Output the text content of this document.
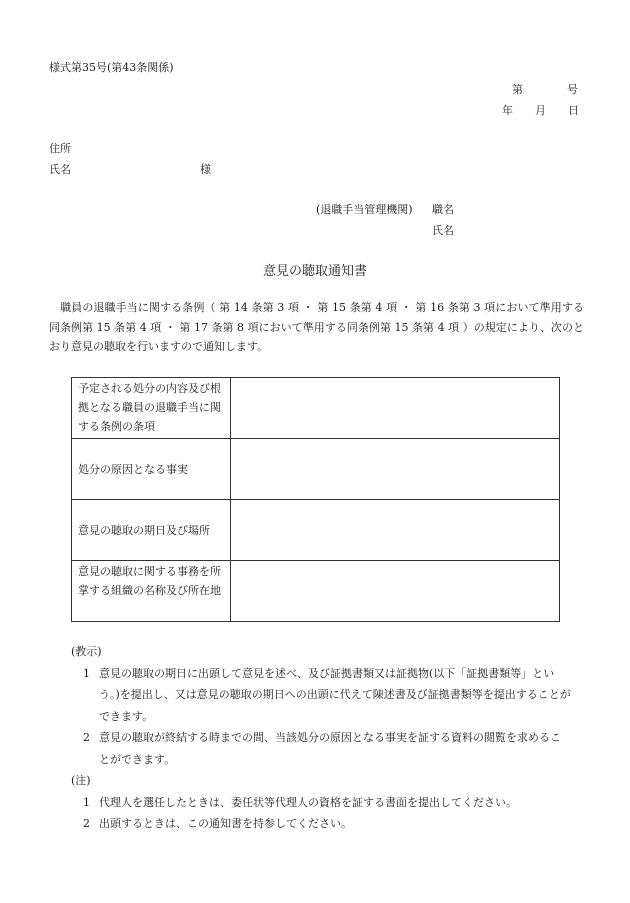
様式第35号(第43条関係)
第　　　　号
年　　月　　日
住所
氏名	様
(退職手当管理機関) 職名
氏名
意見の聴取通知書
職員の退職手当に関する条例（ 第 14 条第 3 項 ・ 第 15 条第 4 項 ・ 第 16 条第 3 項において準用する同条例第 15 条第 4 項 ・ 第 17 条第 8 項において準用する同条例第 15 条第 4 項 ）の規定により、次のとおり意見の聴取を行いますので通知します。
予定される処分の内容及び根拠となる職員の退職手当に関する条例の条項	
処分の原因となる事実	
意見の聴取の期日及び場所	
意見の聴取に関する事務を所掌する組織の名称及び所在地	
(教示)
1 意見の聴取の期日に出頭して意見を述べ、及び証拠書類又は証拠物(以下「証拠書類等」という。)を提出し、又は意見の聴取の期日への出頭に代えて陳述書及び証拠書類等を提出することができます。
2 意見の聴取が終結する時までの間、当該処分の原因となる事実を証する資料の閲覧を求めることができます。
(注)
1 代理人を選任したときは、委任状等代理人の資格を証する書面を提出してください。
2 出頭するときは、この通知書を持参してください。
